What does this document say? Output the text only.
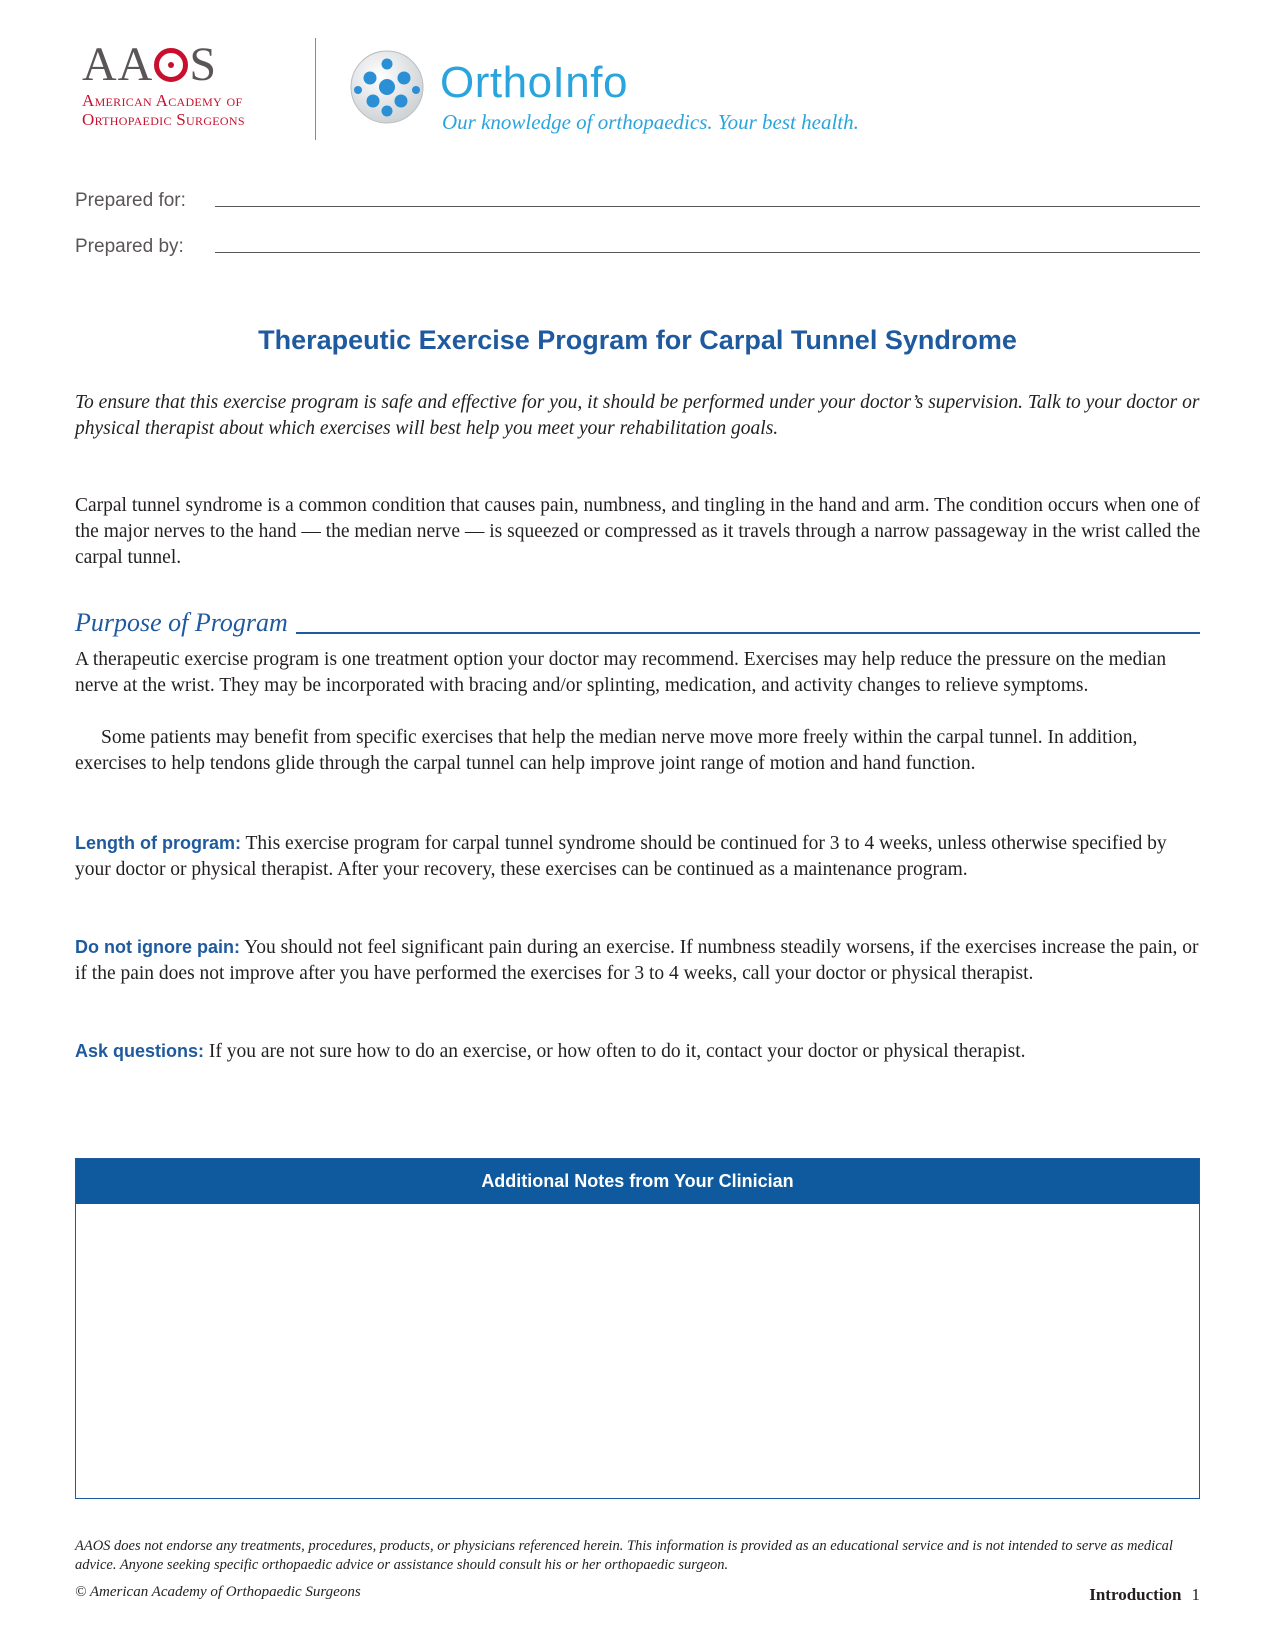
AA S
American Academy of
Orthopaedic Surgeons
OrthoInfo
Our knowledge of orthopaedics. Your best health.
Prepared for:
Prepared by:
Therapeutic Exercise Program for Carpal Tunnel Syndrome
To ensure that this exercise program is safe and effective for you, it should be performed under your doctor’s supervision. Talk to your doctor or physical therapist about which exercises will best help you meet your rehabilitation goals.
Carpal tunnel syndrome is a common condition that causes pain, numbness, and tingling in the hand and arm. The condition occurs when one of the major nerves to the hand — the median nerve — is squeezed or compressed as it travels through a narrow passageway in the wrist called the carpal tunnel.
Purpose of Program
A therapeutic exercise program is one treatment option your doctor may recommend. Exercises may help reduce the pressure on the median nerve at the wrist. They may be incorporated with bracing and/or splinting, medication, and activity changes to relieve symptoms.
Some patients may benefit from specific exercises that help the median nerve move more freely within the carpal tunnel. In addition, exercises to help tendons glide through the carpal tunnel can help improve joint range of motion and hand function.
Length of program: This exercise program for carpal tunnel syndrome should be continued for 3 to 4 weeks, unless otherwise specified by your doctor or physical therapist. After your recovery, these exercises can be continued as a maintenance program.
Do not ignore pain: You should not feel significant pain during an exercise. If numbness steadily worsens, if the exercises increase the pain, or if the pain does not improve after you have performed the exercises for 3 to 4 weeks, call your doctor or physical therapist.
Ask questions: If you are not sure how to do an exercise, or how often to do it, contact your doctor or physical therapist.
Additional Notes from Your Clinician
AAOS does not endorse any treatments, procedures, products, or physicians referenced herein. This information is provided as an educational service and is not intended to serve as medical advice. Anyone seeking specific orthopaedic advice or assistance should consult his or her orthopaedic surgeon.
© American Academy of Orthopaedic Surgeons	Introduction 1
